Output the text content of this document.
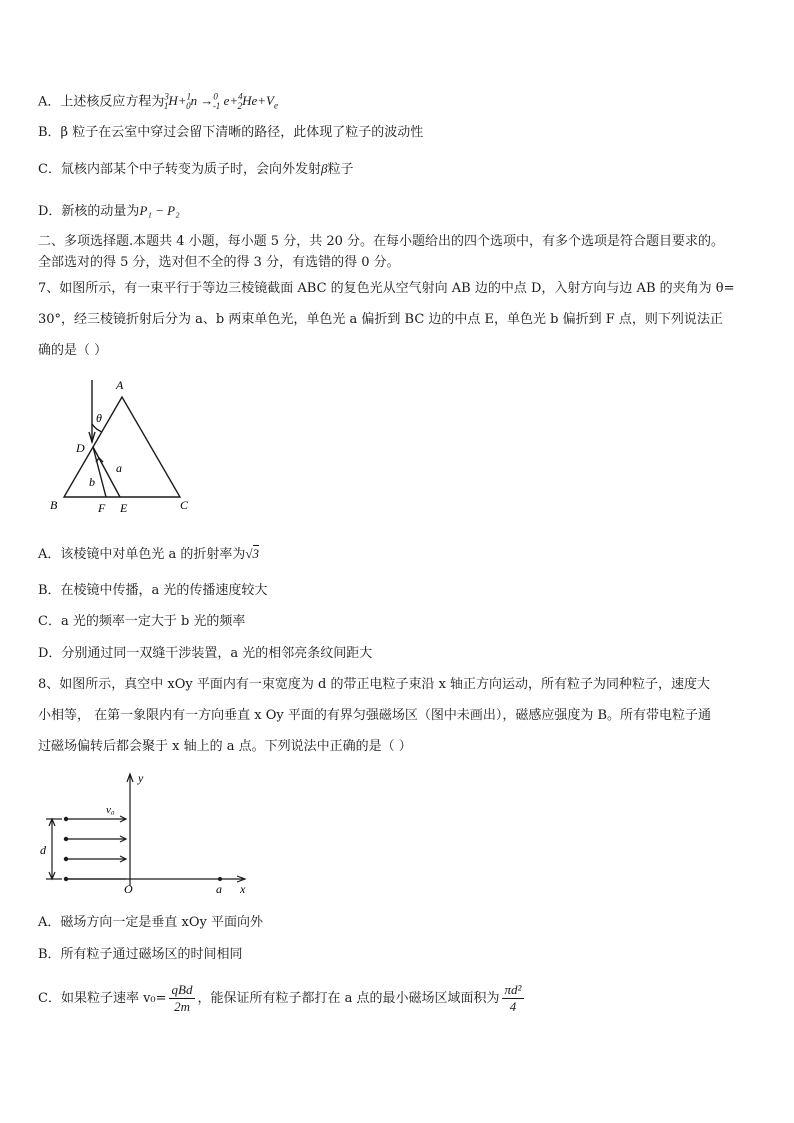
A．上述核反应方程为$^3_1$H+$^1_0$n →$^0_{-1}$ $e+^4_2He+V_e$
B．β 粒子在云室中穿过会留下清晰的路径，此体现了粒子的波动性
C．氚核内部某个中子转变为质子时，会向外发射β粒子
D．新核的动量为P₁ − P₂
二、多项选择题.本题共 4 小题，每小题 5 分，共 20 分。在每小题给出的四个选项中，有多个选项是符合题目要求的。
全部选对的得 5 分，选对但不全的得 3 分，有选错的得 0 分。
7、如图所示，有一束平行于等边三棱镜截面 ABC 的复色光从空气射向 AB 边的中点 D，入射方向与边 AB 的夹角为 θ=
30°，经三棱镜折射后分为 a、b 两束单色光，单色光 a 偏折到 BC 边的中点 E，单色光 b 偏折到 F 点，则下列说法正
确的是（ ）
A
B	C
D
E
F
a
b
θ
A．该棱镜中对单色光 a 的折射率为√3
B．在棱镜中传播，a 光的传播速度较大
C．a 光的频率一定大于 b 光的频率
D．分别通过同一双缝干涉装置，a 光的相邻亮条纹间距大
8、如图所示，真空中 xOy 平面内有一束宽度为 d 的带正电粒子束沿 x 轴正方向运动，所有粒子为同种粒子，速度大
小相等， 在第一象限内有一方向垂直 x Oy 平面的有界匀强磁场区（图中未画出），磁感应强度为 B。所有带电粒子通
过磁场偏转后都会聚于 x 轴上的 a 点。下列说法中正确的是（ ）
y
x
O	a
v₀
d
A．磁场方向一定是垂直 xOy 平面向外
B．所有粒子通过磁场区的时间相同
C．如果粒子速率 $v_0= \frac{\text{qBd}}{2m}$ ，能保证所有粒子都打在 a 点的最小磁场区域面积为 $\frac{\text{πd²}}{4}$
